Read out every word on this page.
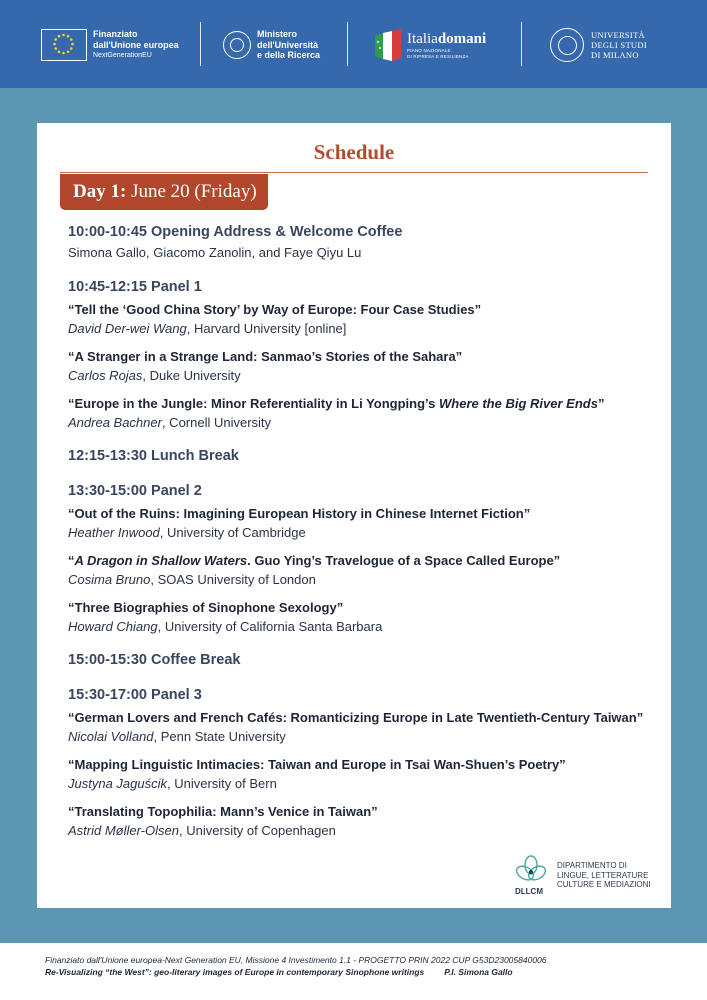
Finanziato
dall'Unione europea
NextGenerationEU
Ministero
dell'Università
e della Ricerca
Italiadomani
PIANO NAZIONALE
DI RIPRESA E RESILIENZA
UNIVERSITÀ
DEGLI STUDI
DI MILANO
Schedule
Day 1: June 20 (Friday)
10:00-10:45 Opening Address & Welcome Coffee
Simona Gallo, Giacomo Zanolin, and Faye Qiyu Lu
10:45-12:15 Panel 1
“Tell the ‘Good China Story’ by Way of Europe: Four Case Studies”
David Der-wei Wang, Harvard University [online]
“A Stranger in a Strange Land: Sanmao’s Stories of the Sahara”
Carlos Rojas, Duke University
“Europe in the Jungle: Minor Referentiality in Li Yongping’s Where the Big River Ends”
Andrea Bachner, Cornell University
12:15-13:30 Lunch Break
13:30-15:00 Panel 2
“Out of the Ruins: Imagining European History in Chinese Internet Fiction”
Heather Inwood, University of Cambridge
“A Dragon in Shallow Waters. Guo Ying’s Travelogue of a Space Called Europe”
Cosima Bruno, SOAS University of London
“Three Biographies of Sinophone Sexology”
Howard Chiang, University of California Santa Barbara
15:00-15:30 Coffee Break
15:30-17:00 Panel 3
“German Lovers and French Cafés: Romanticizing Europe in Late Twentieth-Century Taiwan”
Nicolai Volland, Penn State University
“Mapping Linguistic Intimacies: Taiwan and Europe in Tsai Wan-Shuen’s Poetry”
Justyna Jaguścik, University of Bern
“Translating Topophilia: Mann’s Venice in Taiwan”
Astrid Møller-Olsen, University of Copenhagen
DLLCM
DIPARTIMENTO DI
LINGUE, LETTERATURE
CULTURE E MEDIAZIONI
Finanziato dall'Unione europea-Next Generation EU, Missione 4 Investimento 1.1 - PROGETTO PRIN 2022 CUP G53D23005840006
Re-Visualizing “the West”: geo-literary images of Europe in contemporary Sinophone writings P.I. Simona Gallo
